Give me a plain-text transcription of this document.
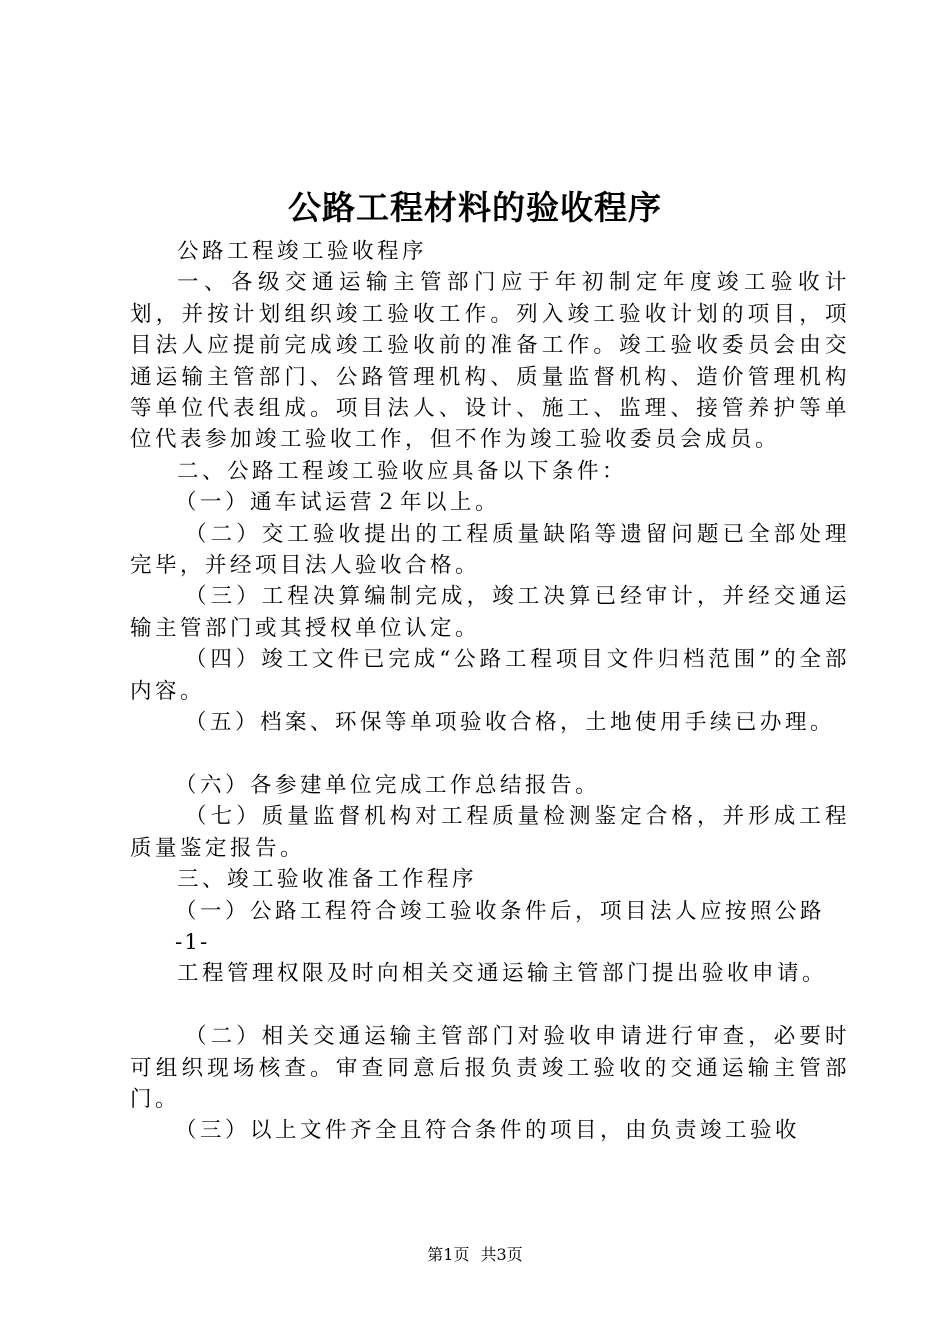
公路工程材料的验收程序

公路工程竣工验收程序

一、各级交通运输主管部门应于年初制定年度竣工验收计划，并按计划组织竣工验收工作。列入竣工验收计划的项目，项目法人应提前完成竣工验收前的准备工作。竣工验收委员会由交通运输主管部门、公路管理机构、质量监督机构、造价管理机构等单位代表组成。项目法人、设计、施工、监理、接管养护等单位代表参加竣工验收工作，但不作为竣工验收委员会成员。

二、公路工程竣工验收应具备以下条件：

（一）通车试运营２年以上。

（二）交工验收提出的工程质量缺陷等遗留问题已全部处理完毕，并经项目法人验收合格。

（三）工程决算编制完成，竣工决算已经审计，并经交通运输主管部门或其授权单位认定。

（四）竣工文件已完成“公路工程项目文件归档范围”的全部内容。

（五）档案、环保等单项验收合格，土地使用手续已办理。

（六）各参建单位完成工作总结报告。

（七）质量监督机构对工程质量检测鉴定合格，并形成工程质量鉴定报告。

三、竣工验收准备工作程序

（一）公路工程符合竣工验收条件后，项目法人应按照公路

-1-

工程管理权限及时向相关交通运输主管部门提出验收申请。

（二）相关交通运输主管部门对验收申请进行审查，必要时可组织现场核查。审查同意后报负责竣工验收的交通运输主管部门。

（三）以上文件齐全且符合条件的项目，由负责竣工验收

第1页 共3页
